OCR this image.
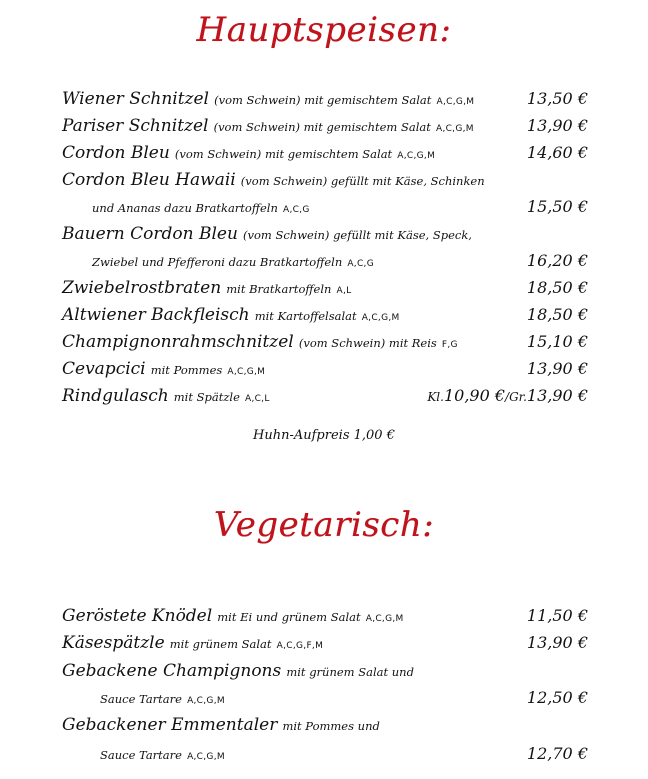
Hauptspeisen:
Wiener Schnitzel (vom Schwein) mit gemischtem Salat A,C,G,M	13,50 €
Pariser Schnitzel (vom Schwein) mit gemischtem Salat A,C,G,M	13,90 €
Cordon Bleu (vom Schwein) mit gemischtem Salat A,C,G,M	14,60 €
Cordon Bleu Hawaii (vom Schwein) gefüllt mit Käse, Schinken
und Ananas dazu Bratkartoffeln A,C,G	15,50 €
Bauern Cordon Bleu (vom Schwein) gefüllt mit Käse, Speck,
Zwiebel und Pfefferoni dazu Bratkartoffeln A,C,G	16,20 €
Zwiebelrostbraten mit Bratkartoffeln A,L	18,50 €
Altwiener Backfleisch mit Kartoffelsalat A,C,G,M	18,50 €
Champignonrahmschnitzel (vom Schwein) mit Reis F,G	15,10 €
Cevapcici mit Pommes A,C,G,M	13,90 €
Rindgulasch mit Spätzle A,C,L	Kl.10,90 €/Gr.13,90 €
Huhn-Aufpreis 1,00 €
Vegetarisch:
Geröstete Knödel mit Ei und grünem Salat A,C,G,M	11,50 €
Käsespätzle mit grünem Salat A,C,G,F,M	13,90 €
Gebackene Champignons mit grünem Salat und
Sauce Tartare A,C,G,M	12,50 €
Gebackener Emmentaler mit Pommes und
Sauce Tartare A,C,G,M	12,70 €
